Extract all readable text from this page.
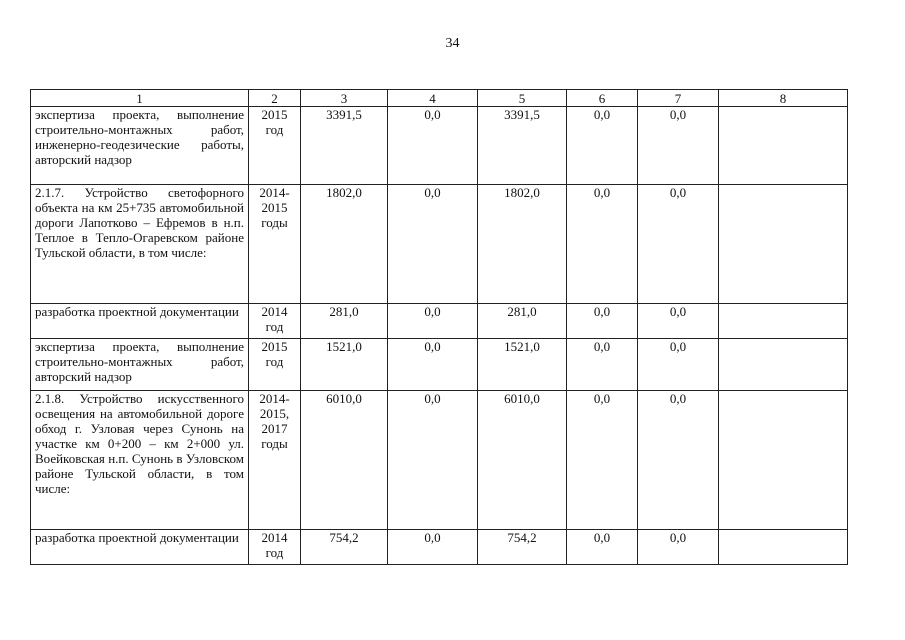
34
1	2	3	4	5	6	7	8
экспертиза проекта, выполнение строительно-монтажных работ, инженерно-геодезические работы, авторский надзор	2015 год	3391,5	0,0	3391,5	0,0	0,0	
2.1.7. Устройство светофорного объекта на км 25+735 автомобильной дороги Лапотково – Ефремов в н.п. Теплое в Тепло-Огаревском районе Тульской области, в том числе:	2014-2015 годы	1802,0	0,0	1802,0	0,0	0,0	
разработка проектной документации	2014 год	281,0	0,0	281,0	0,0	0,0	
экспертиза проекта, выполнение строительно-монтажных работ, авторский надзор	2015 год	1521,0	0,0	1521,0	0,0	0,0	
2.1.8. Устройство искусственного освещения на автомобильной дороге обход г. Узловая через Сунонь на участке км 0+200 – км 2+000 ул. Воейковская н.п. Сунонь в Узловском районе Тульской области, в том числе:	2014-2015, 2017 годы	6010,0	0,0	6010,0	0,0	0,0	
разработка проектной документации	2014 год	754,2	0,0	754,2	0,0	0,0	
